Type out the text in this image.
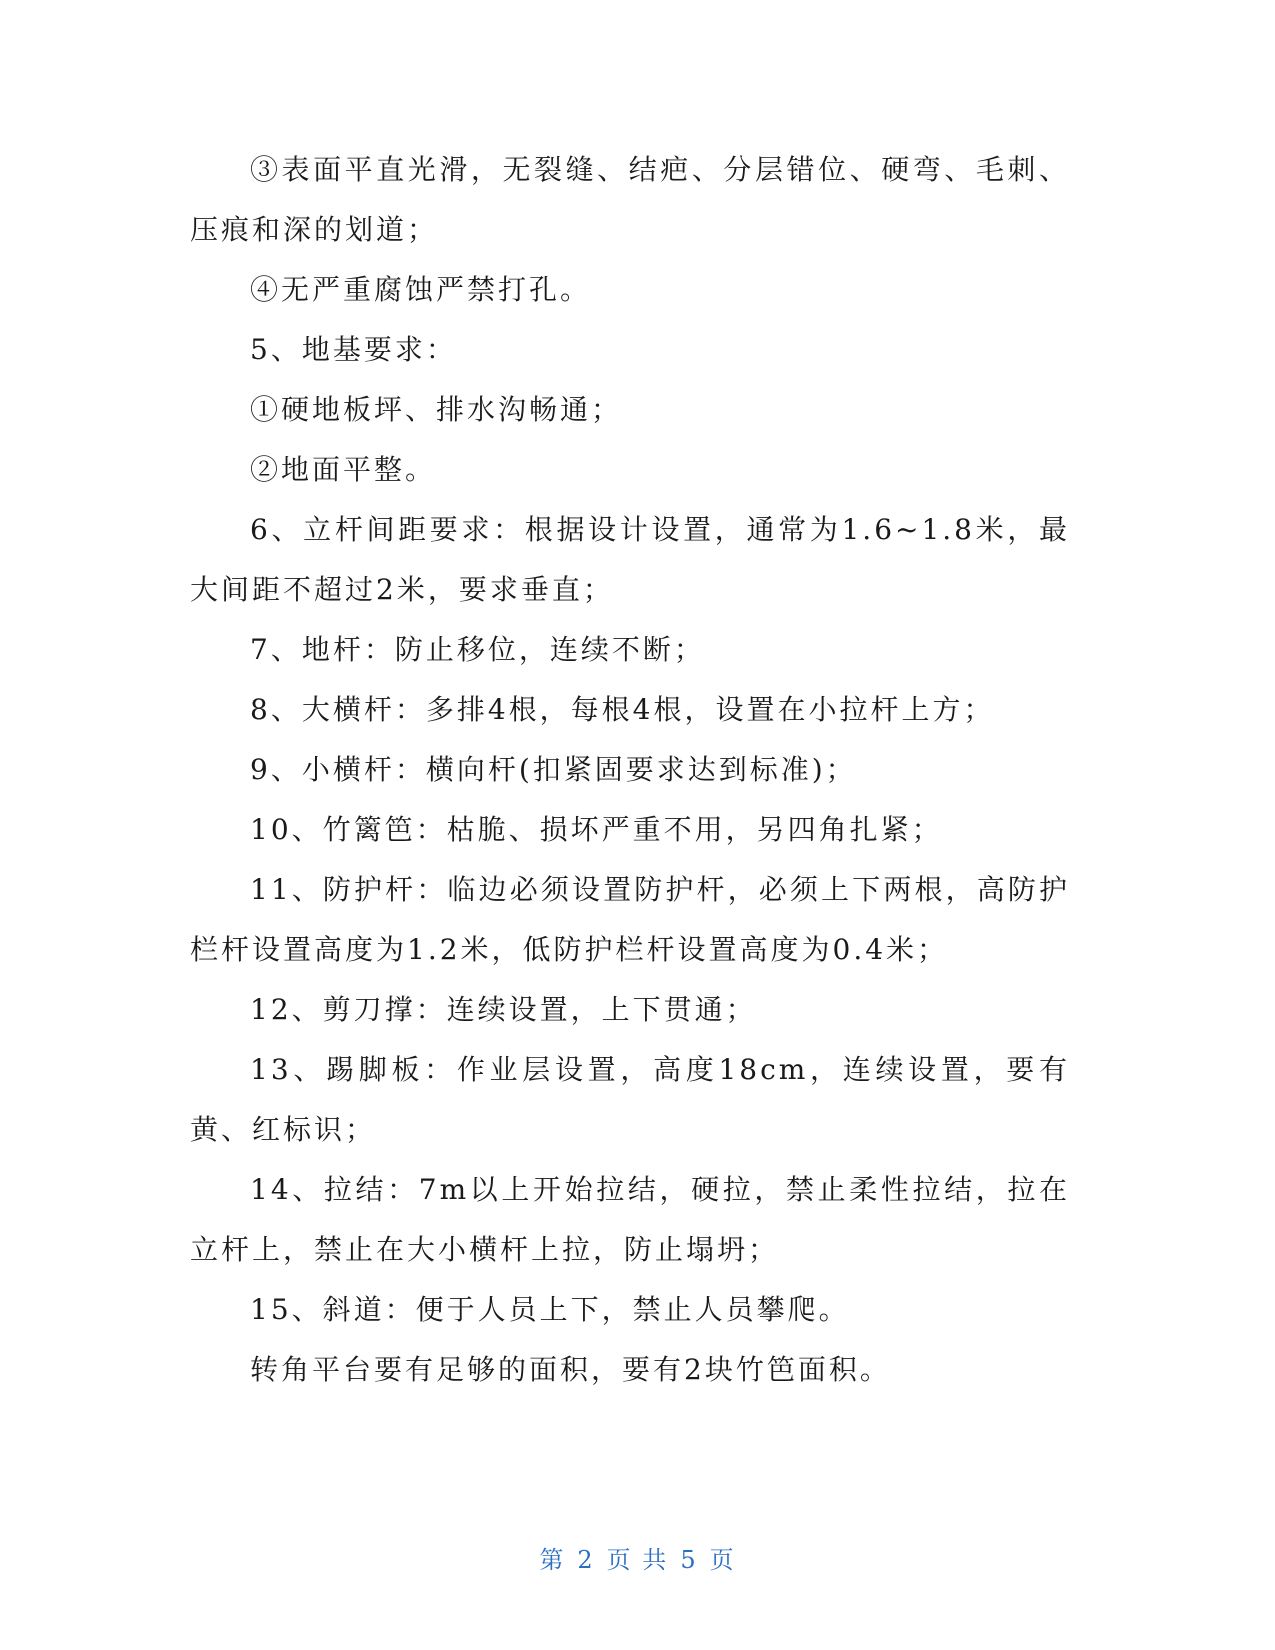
③表面平直光滑，无裂缝、结疤、分层错位、硬弯、毛刺、压痕和深的划道；

④无严重腐蚀严禁打孔。

5、地基要求：

①硬地板坪、排水沟畅通；

②地面平整。

6、立杆间距要求：根据设计设置，通常为1.6~1.8米，最大间距不超过2米，要求垂直；

7、地杆：防止移位，连续不断；

8、大横杆：多排4根，每根4根，设置在小拉杆上方；

9、小横杆：横向杆(扣紧固要求达到标准)；

10、竹篱笆：枯脆、损坏严重不用，另四角扎紧；

11、防护杆：临边必须设置防护杆，必须上下两根，高防护栏杆设置高度为1.2米，低防护栏杆设置高度为0.4米；

12、剪刀撑：连续设置，上下贯通；

13、踢脚板：作业层设置，高度18cm，连续设置，要有黄、红标识；

14、拉结：7m以上开始拉结，硬拉，禁止柔性拉结，拉在立杆上，禁止在大小横杆上拉，防止塌坍；

15、斜道：便于人员上下，禁止人员攀爬。

转角平台要有足够的面积，要有2块竹笆面积。

第 2 页 共 5 页
